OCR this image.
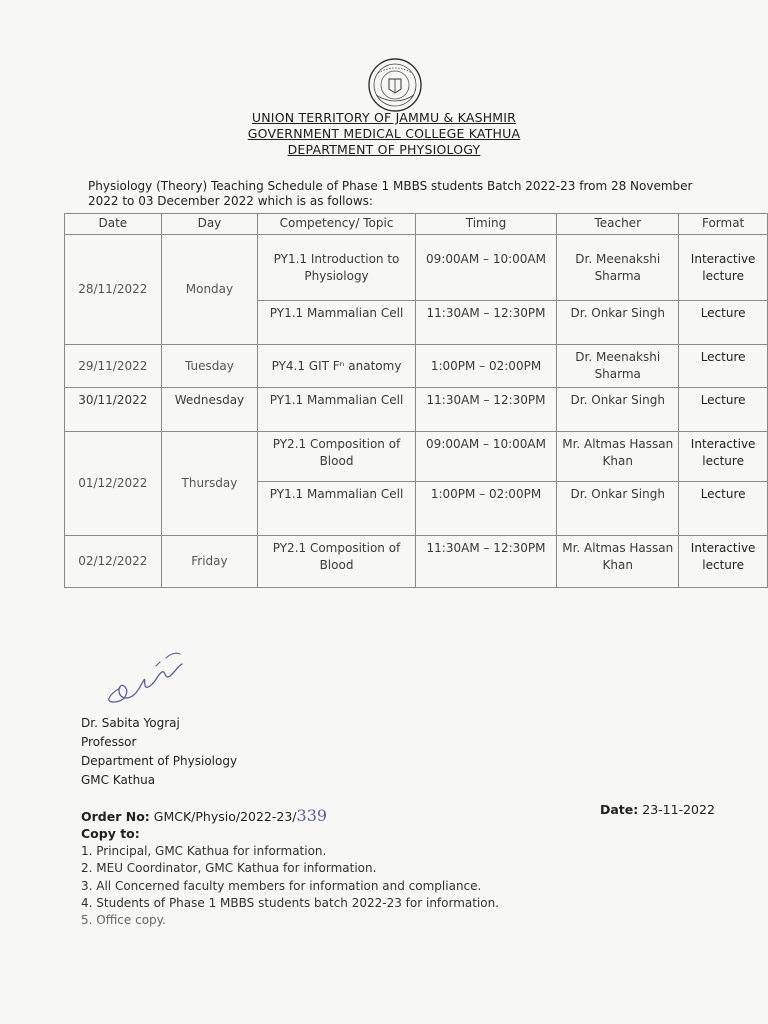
UNION TERRITORY OF JAMMU & KASHMIR
GOVERNMENT MEDICAL COLLEGE KATHUA
DEPARTMENT OF PHYSIOLOGY
Physiology (Theory) Teaching Schedule of Phase 1 MBBS students Batch 2022-23 from 28 November
2022 to 03 December 2022 which is as follows:
Date	Day	Competency/ Topic	Timing	Teacher	Format
28/11/2022	Monday	PY1.1 Introduction to Physiology	09:00AM – 10:00AM	Dr. Meenakshi Sharma	Interactive lecture
		PY1.1 Mammalian Cell	11:30AM – 12:30PM	Dr. Onkar Singh	Lecture
29/11/2022	Tuesday	PY4.1 GIT Fⁿ anatomy	1:00PM – 02:00PM	Dr. Meenakshi Sharma	Lecture
30/11/2022	Wednesday	PY1.1 Mammalian Cell	11:30AM – 12:30PM	Dr. Onkar Singh	Lecture
01/12/2022	Thursday	PY2.1 Composition of Blood	09:00AM – 10:00AM	Mr. Altmas Hassan Khan	Interactive lecture
		PY1.1 Mammalian Cell	1:00PM – 02:00PM	Dr. Onkar Singh	Lecture
02/12/2022	Friday	PY2.1 Composition of Blood	11:30AM – 12:30PM	Mr. Altmas Hassan Khan	Interactive lecture
Dr. Sabita Yograj
Professor
Department of Physiology
GMC Kathua
Order No: GMCK/Physio/2022-23/339	Date: 23-11-2022
Copy to:
1. Principal, GMC Kathua for information.
2. MEU Coordinator, GMC Kathua for information.
3. All Concerned faculty members for information and compliance.
4. Students of Phase 1 MBBS students batch 2022-23 for information.
5. Office copy.
